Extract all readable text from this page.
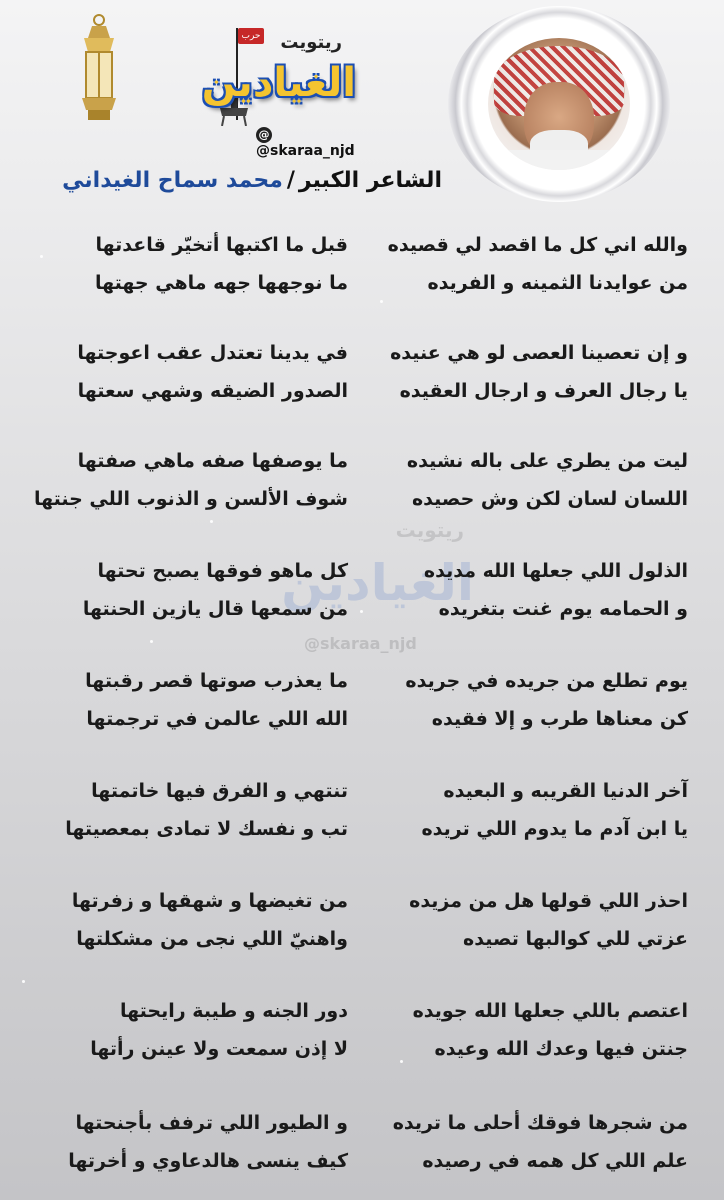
حرب ريتويت
الغيادين
@@skaraa_njd
الشاعر الكبير/محمد سماح الغيداني
ريتويت
الغيادين
@skaraa_njd
والله اني كل ما اقصد لي قصيده
من عوايدنا الثمينه و الفريده
قبل ما اكتبها أتخيّر قاعدتها
ما نوجهها جهه ماهي جهتها
و إن تعصينا العصى لو هي عنيده
يا رجال العرف و ارجال العقيده
في يدينا تعتدل عقب اعوجتها
الصدور الضيقه وشهي سعتها
ليت من يطري على باله نشيده
اللسان لسان لكن وش حصيده
ما يوصفها صفه ماهي صفتها
شوف الألسن و الذنوب اللي جنتها
الذلول اللي جعلها الله مديده
و الحمامه يوم غنت بتغريده
كل ماهو فوقها يصبح تحتها
من سمعها قال يازين الحنتها
يوم تطلع من جريده في جريده
كن معناها طرب و إلا فقيده
ما يعذرب صوتها قصر رقبتها
الله اللي عالمن في ترجمتها
آخر الدنيا القريبه و البعيده
يا ابن آدم ما يدوم اللي تريده
تنتهي و الفرق فيها خاتمتها
تب و نفسك لا تمادى بمعصيتها
احذر اللي قولها هل من مزيده
عزتي للي كوالبها تصيده
من تغيضها و شهقها و زفرتها
واهنيّ اللي نجى من مشكلتها
اعتصم باللي جعلها الله جويده
جنتن فيها وعدك الله وعيده
دور الجنه و طيبة رايحتها
لا إذن سمعت ولا عينن رأتها
من شجرها فوقك أحلى ما تريده
علم اللي كل همه في رصيده
و الطيور اللي ترفف بأجنحتها
كيف ينسى هالدعاوي و أخرتها
